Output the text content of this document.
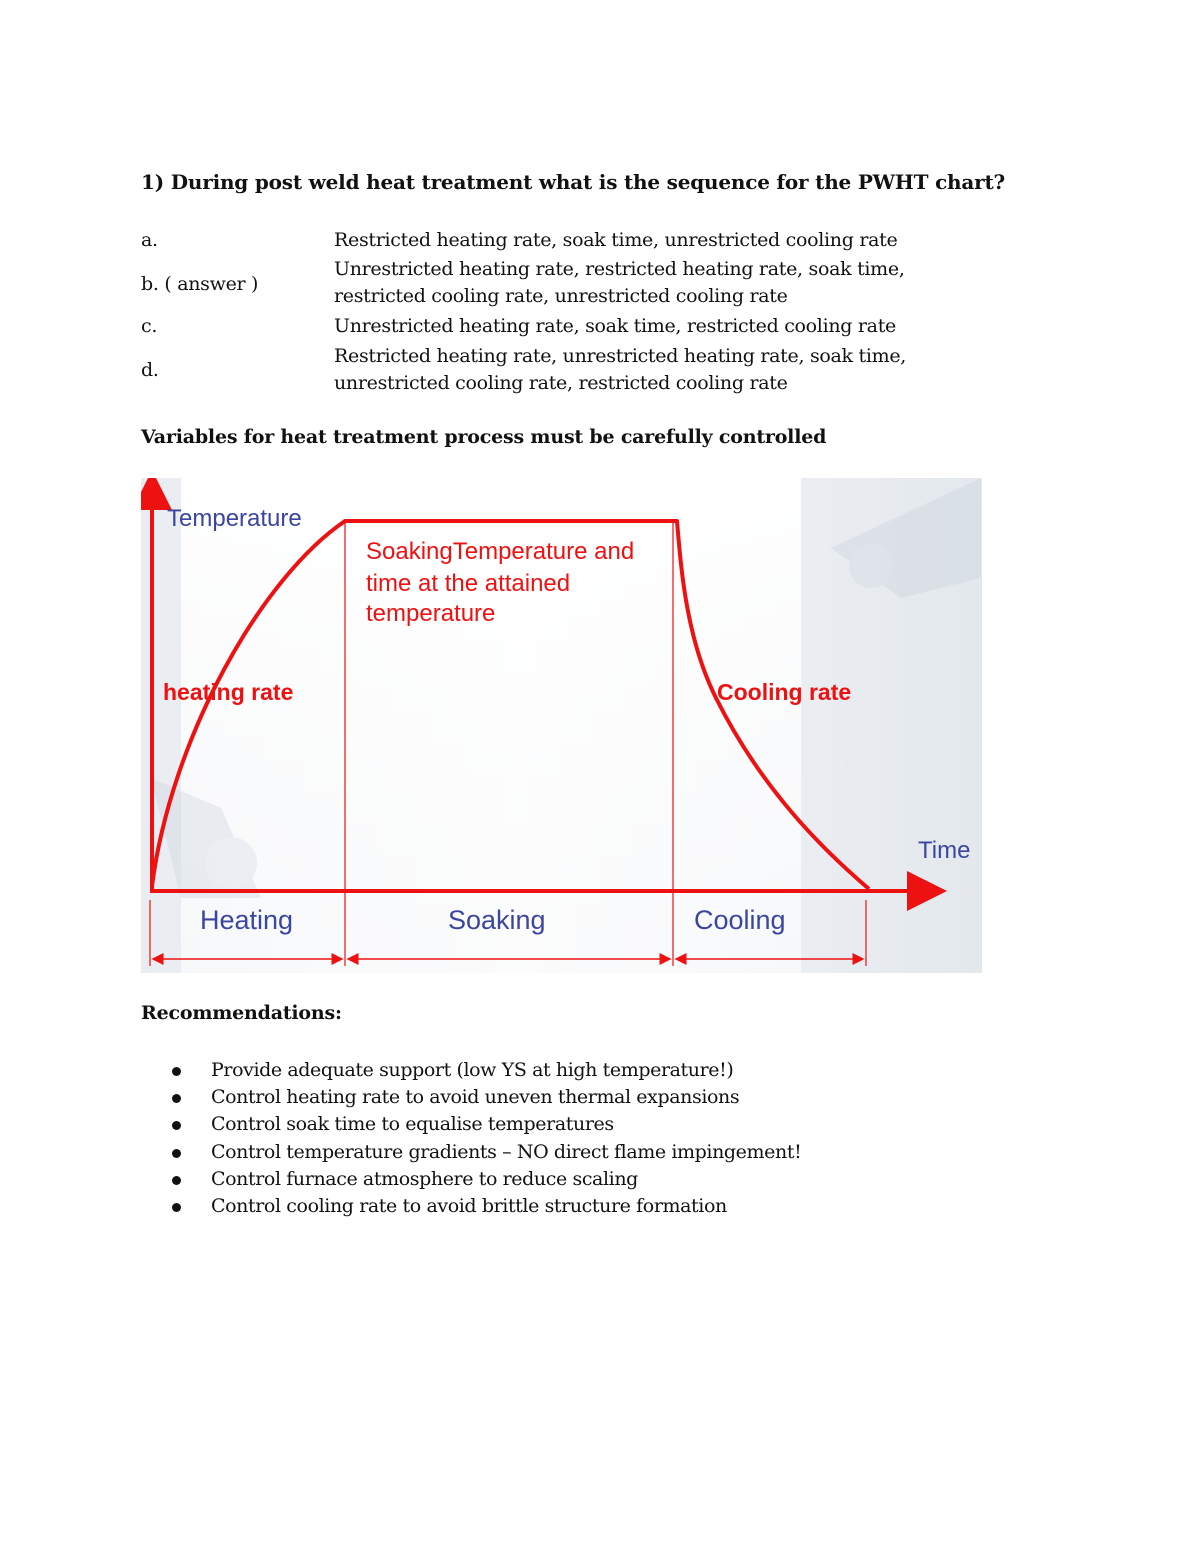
1) During post weld heat treatment what is the sequence for the PWHT chart?
a.	Restricted heating rate, soak time, unrestricted cooling rate
b. ( answer )
Unrestricted heating rate, restricted heating rate, soak time,
restricted cooling rate, unrestricted cooling rate
c.	Unrestricted heating rate, soak time, restricted cooling rate
d.
Restricted heating rate, unrestricted heating rate, soak time,
unrestricted cooling rate, restricted cooling rate
Variables for heat treatment process must be carefully controlled
Temperature
Time
heating rate	Cooling rate
SoakingTemperature and
time at the attained
temperature
Heating	Soaking	Cooling
Recommendations:
Provide adequate support (low YS at high temperature!)
Control heating rate to avoid uneven thermal expansions
Control soak time to equalise temperatures
Control temperature gradients – NO direct flame impingement!
Control furnace atmosphere to reduce scaling
Control cooling rate to avoid brittle structure formation
